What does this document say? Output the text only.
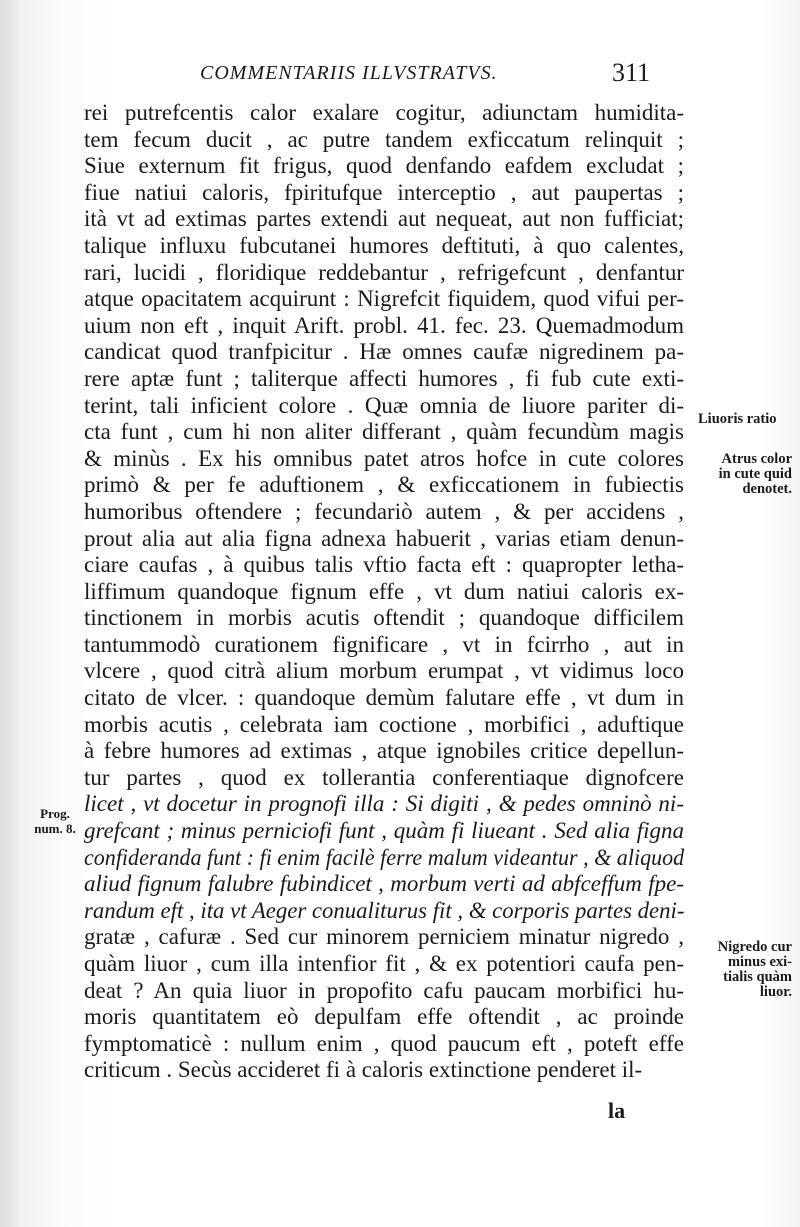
COMMENTARIIS ILLVSTRATVS.	311
rei putrefcentis calor exalare cogitur, adiunctam humidita-
tem fecum ducit , ac putre tandem exficcatum relinquit ;
Siue externum fit frigus, quod denfando eafdem excludat ;
fiue natiui caloris, fpiritufque interceptio , aut paupertas ;
ità vt ad extimas partes extendi aut nequeat, aut non fufficiat;
talique influxu fubcutanei humores deftituti, à quo calentes,
rari, lucidi , floridique reddebantur , refrigefcunt , denfantur
atque opacitatem acquirunt : Nigrefcit fiquidem, quod vifui per-
uium non eft , inquit Arift. probl. 41. fec. 23. Quemadmodum
candicat quod tranfpicitur . Hæ omnes caufæ nigredinem pa-
rere aptæ funt ; taliterque affecti humores , fi fub cute exti-
terint, tali inficient colore . Quæ omnia de liuore pariter di-
cta funt , cum hi non aliter differant , quàm fecundùm magis
& minùs . Ex his omnibus patet atros hofce in cute colores
primò & per fe aduftionem , & exficcationem in fubiectis
humoribus oftendere ; fecundariò autem , & per accidens ,
prout alia aut alia figna adnexa habuerit , varias etiam denun-
ciare caufas , à quibus talis vftio facta eft : quapropter letha-
liffimum quandoque fignum effe , vt dum natiui caloris ex-
tinctionem in morbis acutis oftendit ; quandoque difficilem
tantummodò curationem fignificare , vt in fcirrho , aut in
vlcere , quod citrà alium morbum erumpat , vt vidimus loco
citato de vlcer. : quandoque demùm falutare effe , vt dum in
morbis acutis , celebrata iam coctione , morbifici , aduftique
à febre humores ad extimas , atque ignobiles critice depellun-
tur partes , quod ex tollerantia conferentiaque dignofcere
licet , vt docetur in prognofi illa : Si digiti , & pedes omninò ni-
grefcant ; minus perniciofi funt , quàm fi liueant . Sed alia figna
confideranda funt : fi enim facilè ferre malum videantur , & aliquod
aliud fignum falubre fubindicet , morbum verti ad abfceffum fpe-
randum eft , ita vt Aeger conualiturus fit , & corporis partes deni-
gratæ , cafuræ . Sed cur minorem perniciem minatur nigredo ,
quàm liuor , cum illa intenfior fit , & ex potentiori caufa pen-
deat ? An quia liuor in propofito cafu paucam morbifici hu-
moris quantitatem eò depulfam effe oftendit , ac proinde
fymptomaticè : nullum enim , quod paucum eft , poteft effe
criticum . Secùs accideret fi à caloris extinctione penderet il-
la
Liuoris ratio
Atrus color
in cute quid
denotet.
Nigredo cur
minus exi-
tialis quàm
liuor.
Prog.
num. 8.
